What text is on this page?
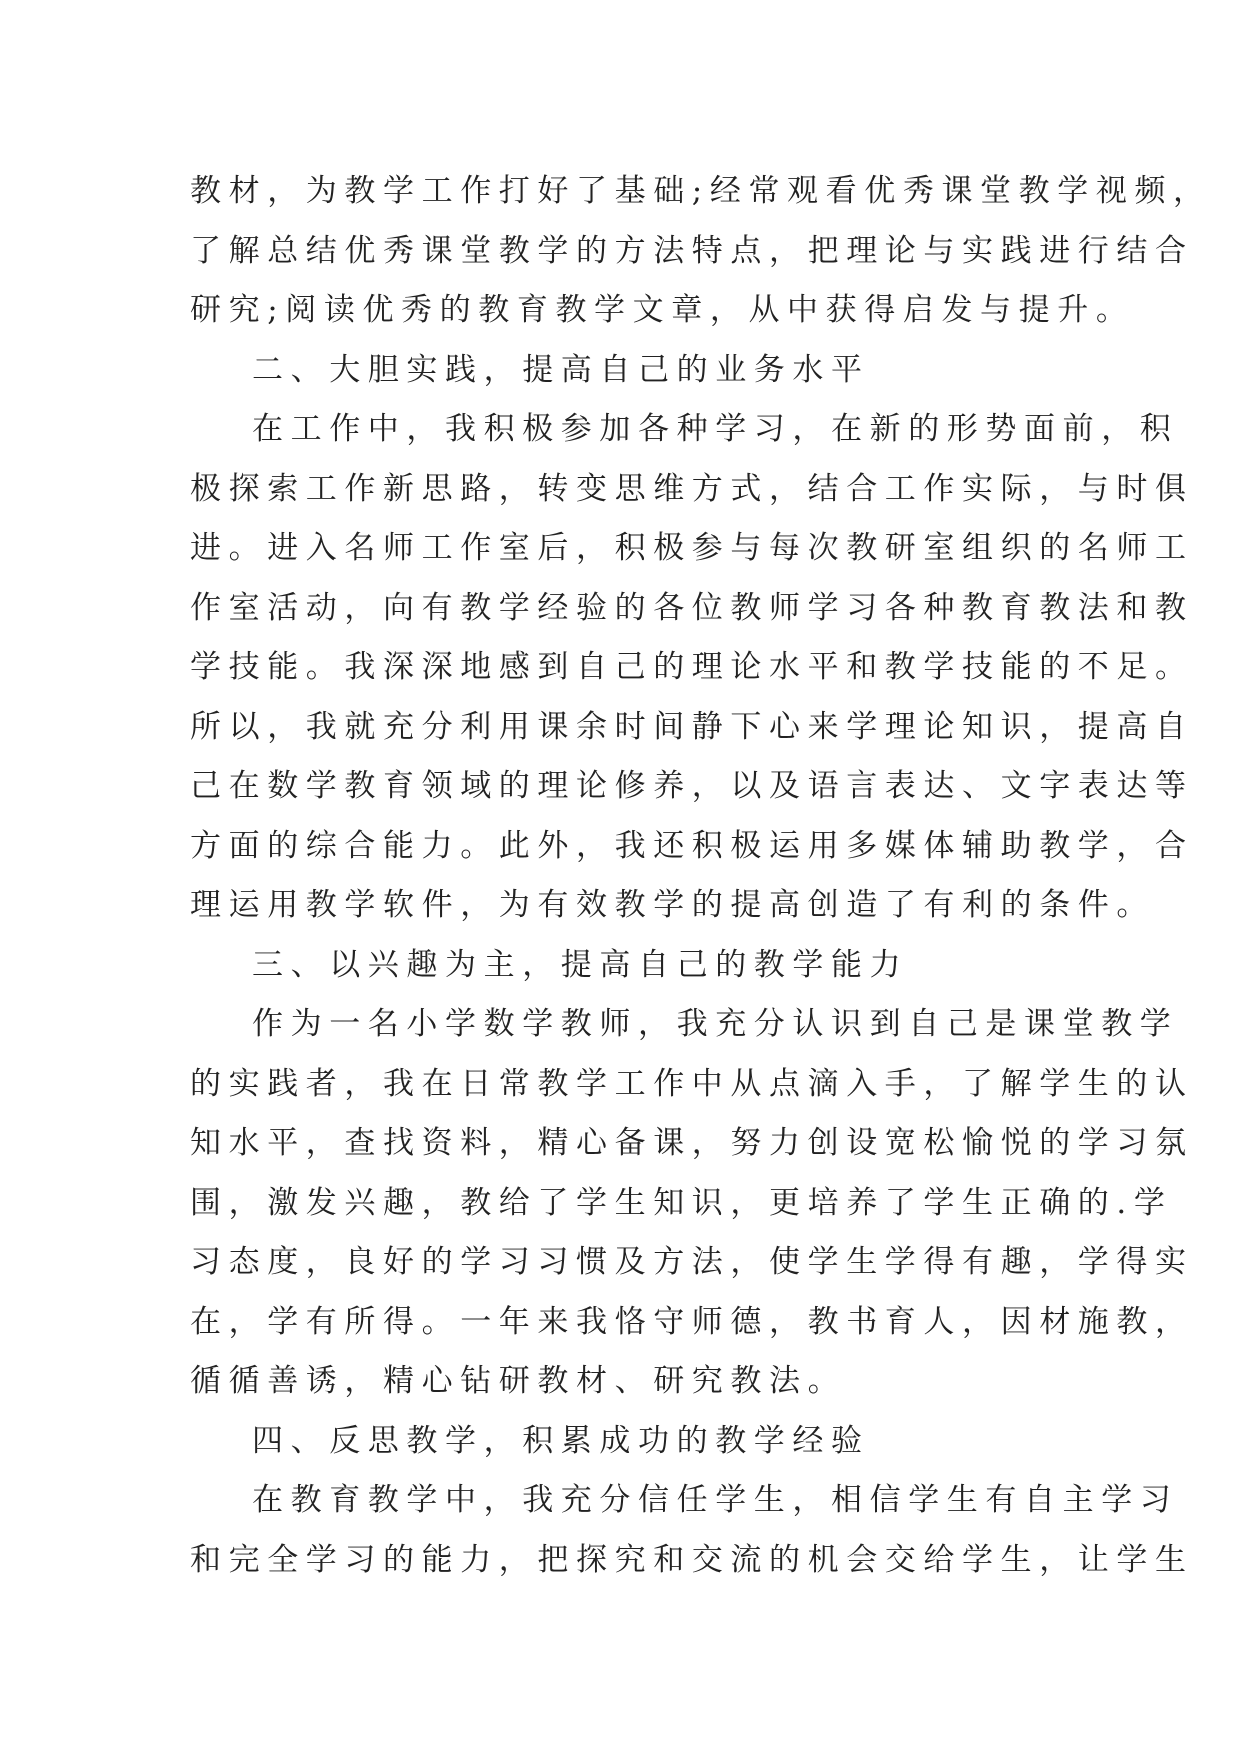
教材，为教学工作打好了基础;经常观看优秀课堂教学视频，
了解总结优秀课堂教学的方法特点，把理论与实践进行结合
研究;阅读优秀的教育教学文章，从中获得启发与提升。
二、大胆实践，提高自己的业务水平
在工作中，我积极参加各种学习，在新的形势面前，积
极探索工作新思路，转变思维方式，结合工作实际，与时俱
进。进入名师工作室后，积极参与每次教研室组织的名师工
作室活动，向有教学经验的各位教师学习各种教育教法和教
学技能。我深深地感到自己的理论水平和教学技能的不足。
所以，我就充分利用课余时间静下心来学理论知识，提高自
己在数学教育领域的理论修养，以及语言表达、文字表达等
方面的综合能力。此外，我还积极运用多媒体辅助教学，合
理运用教学软件，为有效教学的提高创造了有利的条件。
三、以兴趣为主，提高自己的教学能力
作为一名小学数学教师，我充分认识到自己是课堂教学
的实践者，我在日常教学工作中从点滴入手，了解学生的认
知水平，查找资料，精心备课，努力创设宽松愉悦的学习氛
围，激发兴趣，教给了学生知识，更培养了学生正确的.学
习态度，良好的学习习惯及方法，使学生学得有趣，学得实
在，学有所得。一年来我恪守师德，教书育人，因材施教，
循循善诱，精心钻研教材、研究教法。
四、反思教学，积累成功的教学经验
在教育教学中，我充分信任学生，相信学生有自主学习
和完全学习的能力，把探究和交流的机会交给学生，让学生
